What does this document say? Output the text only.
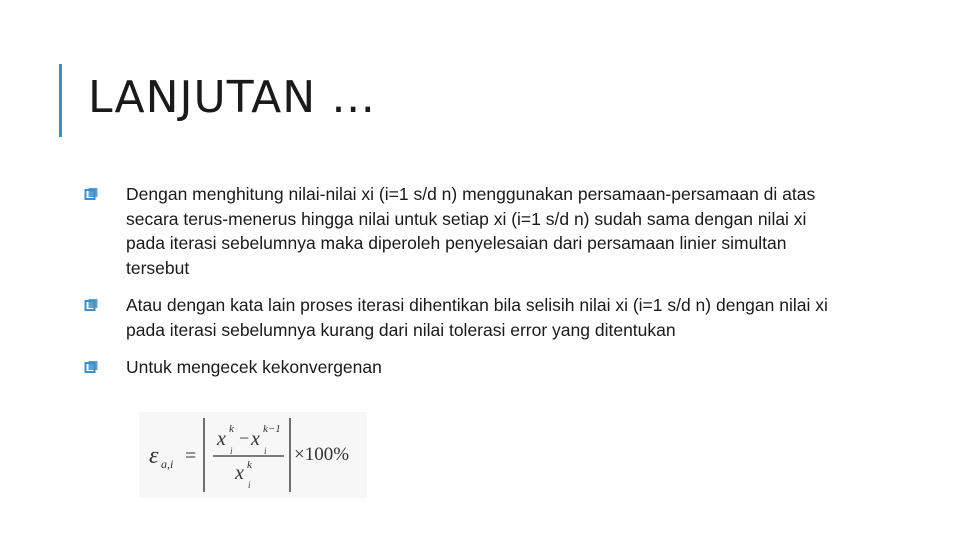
LANJUTAN …
Dengan menghitung nilai-nilai xi (i=1 s/d n) menggunakan persamaan-persamaan di atas secara terus-menerus hingga nilai untuk setiap xi (i=1 s/d n) sudah sama dengan nilai xi pada iterasi sebelumnya maka diperoleh penyelesaian dari persamaan linier simultan tersebut
Atau dengan kata lain proses iterasi dihentikan bila selisih nilai xi (i=1 s/d n) dengan nilai xi pada iterasi sebelumnya kurang dari nilai tolerasi error yang ditentukan
Untuk mengecek kekonvergenan
ε a,i =
x k
i
− x k−1
i
x k
i
×100%
